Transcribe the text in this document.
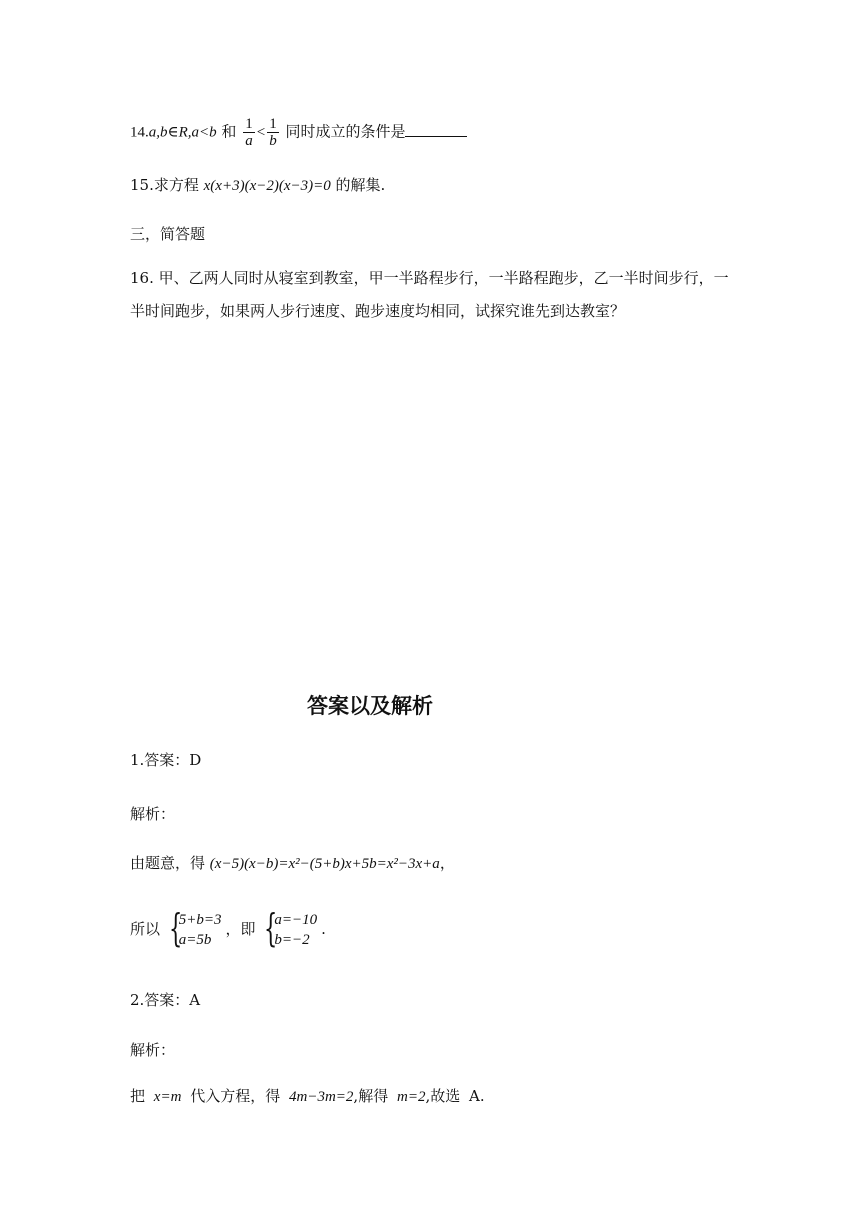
14.a,b∈R,a<b 和 $\frac{1}{a} < \frac{1}{b}$ 同时成立的条件是
15.求方程 x(x+3)(x−2)(x−3)=0 的解集.
三，简答题
16. 甲、乙两人同时从寝室到教室，甲一半路程步行，一半路程跑步，乙一半时间步行，一半时间跑步，如果两人步行速度、跑步速度均相同，试探究谁先到达教室？
答案以及解析
1.答案：D
解析：
由题意，得 (x−5)(x−b)=x²−(5+b)x+5b=x²−3x+a，
所以 {
5+b=3
a=5b
，即 {
a=−10
b=−2
.
2.答案：A
解析：
把 x=m 代入方程，得 4m−3m=2,解得 m=2,故选 A.
